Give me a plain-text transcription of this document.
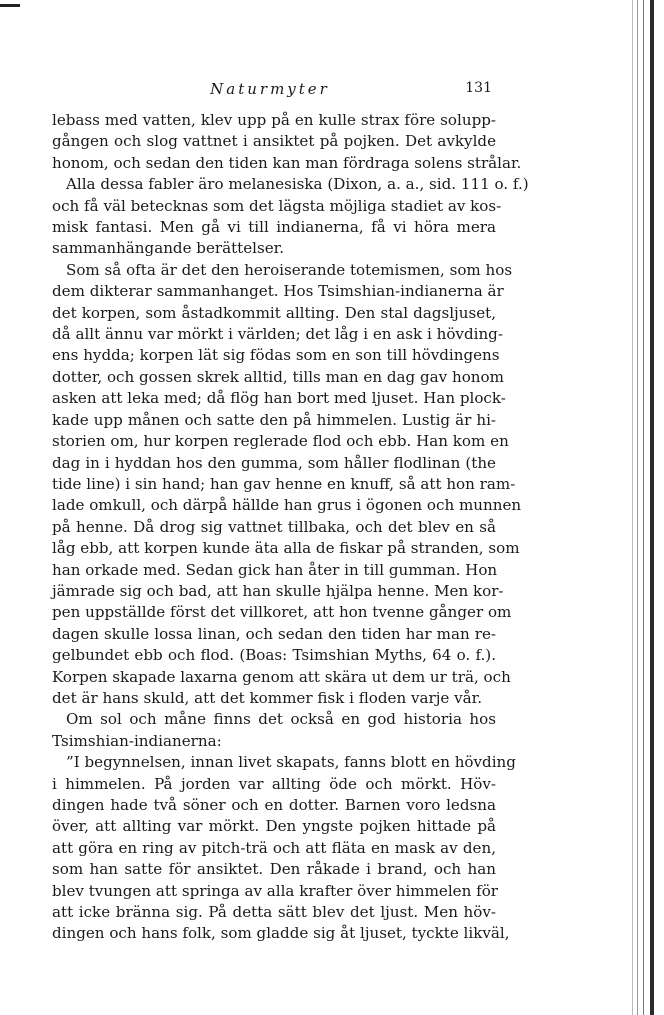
Naturmyter	131
lebass med vatten, klev upp på en kulle strax före solupp-
gången och slog vattnet i ansiktet på pojken. Det avkylde
honom, och sedan den tiden kan man fördraga solens strålar.
Alla dessa fabler äro melanesiska (Dixon, a. a., sid. 111 o. f.)
och få väl betecknas som det lägsta möjliga stadiet av kos-
misk fantasi. Men gå vi till indianerna, få vi höra mera
sammanhängande berättelser.
Som så ofta är det den heroiserande totemismen, som hos
dem dikterar sammanhanget. Hos Tsimshian-indianerna är
det korpen, som åstadkommit allting. Den stal dagsljuset,
då allt ännu var mörkt i världen; det låg i en ask i hövding-
ens hydda; korpen lät sig födas som en son till hövdingens
dotter, och gossen skrek alltid, tills man en dag gav honom
asken att leka med; då flög han bort med ljuset. Han plock-
kade upp månen och satte den på himmelen. Lustig är hi-
storien om, hur korpen reglerade flod och ebb. Han kom en
dag in i hyddan hos den gumma, som håller flodlinan (the
tide line) i sin hand; han gav henne en knuff, så att hon ram-
lade omkull, och därpå hällde han grus i ögonen och munnen
på henne. Då drog sig vattnet tillbaka, och det blev en så
låg ebb, att korpen kunde äta alla de fiskar på stranden, som
han orkade med. Sedan gick han åter in till gumman. Hon
jämrade sig och bad, att han skulle hjälpa henne. Men kor-
pen uppställde först det villkoret, att hon tvenne gånger om
dagen skulle lossa linan, och sedan den tiden har man re-
gelbundet ebb och flod. (Boas: Tsimshian Myths, 64 o. f.).
Korpen skapade laxarna genom att skära ut dem ur trä, och
det är hans skuld, att det kommer fisk i floden varje vår.
Om sol och måne finns det också en god historia hos
Tsimshian-indianerna:
”I begynnelsen, innan livet skapats, fanns blott en hövding
i himmelen. På jorden var allting öde och mörkt. Höv-
dingen hade två söner och en dotter. Barnen voro ledsna
över, att allting var mörkt. Den yngste pojken hittade på
att göra en ring av pitch-trä och att fläta en mask av den,
som han satte för ansiktet. Den råkade i brand, och han
blev tvungen att springa av alla krafter över himmelen för
att icke bränna sig. På detta sätt blev det ljust. Men höv-
dingen och hans folk, som gladde sig åt ljuset, tyckte likväl,
